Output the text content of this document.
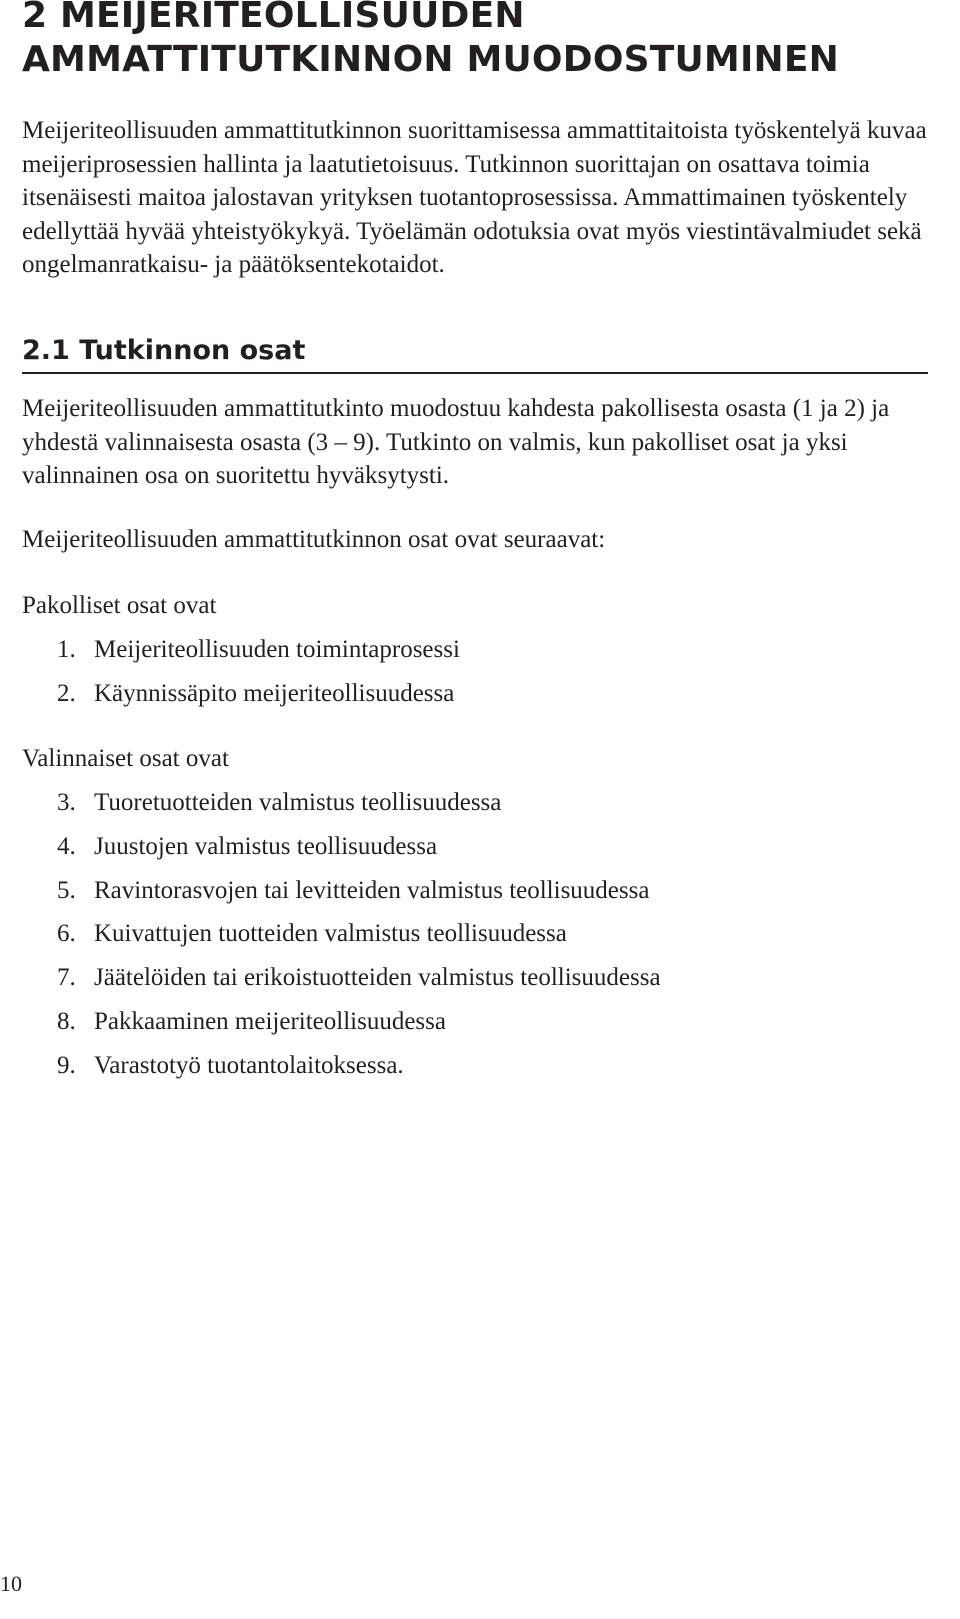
2 MEIJERITEOLLISUUDEN AMMATTITUTKINNON MUODOSTUMINEN

Meijeriteollisuuden ammattitutkinnon suorittamisessa ammattitaitoista työskentelyä kuvaa meijeriprosessien hallinta ja laatutietoisuus. Tutkinnon suorittajan on osattava toimia itsenäisesti maitoa jalostavan yrityksen tuotantoprosessissa. Ammattimainen työskentely edellyttää hyvää yhteistyökykyä. Työelämän odotuksia ovat myös viestintävalmiudet sekä ongelmanratkaisu- ja päätöksentekotaidot.

2.1 Tutkinnon osat

Meijeriteollisuuden ammattitutkinto muodostuu kahdesta pakollisesta osasta (1 ja 2) ja yhdestä valinnaisesta osasta (3 – 9). Tutkinto on valmis, kun pakolliset osat ja yksi valinnainen osa on suoritettu hyväksytysti.

Meijeriteollisuuden ammattitutkinnon osat ovat seuraavat:

Pakolliset osat ovat

1. Meijeriteollisuuden toimintaprosessi
2. Käynnissäpito meijeriteollisuudessa

Valinnaiset osat ovat

3. Tuoretuotteiden valmistus teollisuudessa
4. Juustojen valmistus teollisuudessa
5. Ravintorasvojen tai levitteiden valmistus teollisuudessa
6. Kuivattujen tuotteiden valmistus teollisuudessa
7. Jäätelöiden tai erikoistuotteiden valmistus teollisuudessa
8. Pakkaaminen meijeriteollisuudessa
9. Varastotyö tuotantolaitoksessa.
10
